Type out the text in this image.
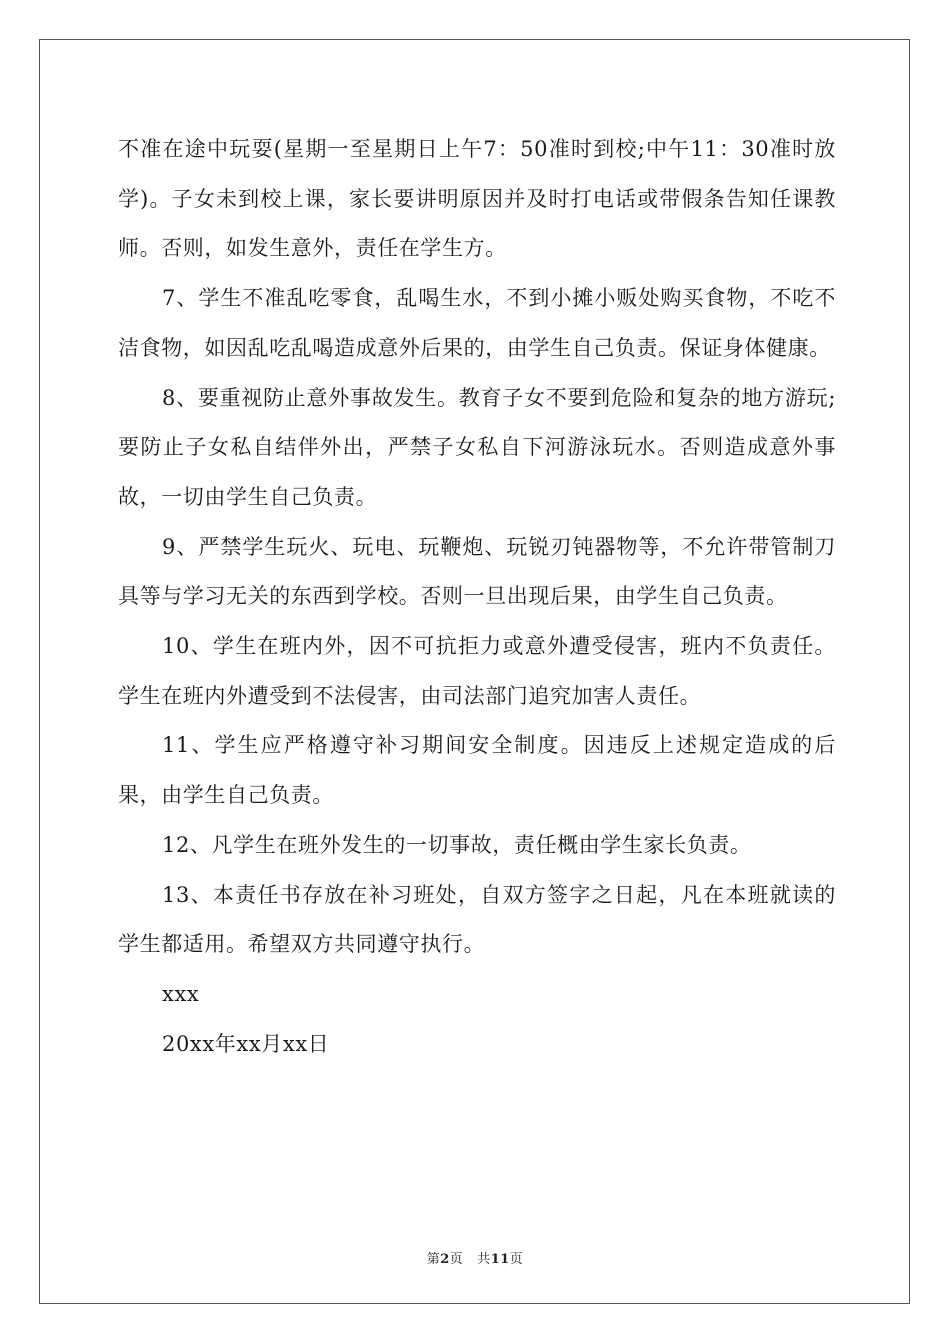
不准在途中玩耍(星期一至星期日上午7：50准时到校;中午11：30准时放学)。子女未到校上课，家长要讲明原因并及时打电话或带假条告知任课教师。否则，如发生意外，责任在学生方。

7、学生不准乱吃零食，乱喝生水，不到小摊小贩处购买食物，不吃不洁食物，如因乱吃乱喝造成意外后果的，由学生自己负责。保证身体健康。

8、要重视防止意外事故发生。教育子女不要到危险和复杂的地方游玩;要防止子女私自结伴外出，严禁子女私自下河游泳玩水。否则造成意外事故，一切由学生自己负责。

9、严禁学生玩火、玩电、玩鞭炮、玩锐刃钝器物等，不允许带管制刀具等与学习无关的东西到学校。否则一旦出现后果，由学生自己负责。

10、学生在班内外，因不可抗拒力或意外遭受侵害，班内不负责任。学生在班内外遭受到不法侵害，由司法部门追究加害人责任。

11、学生应严格遵守补习期间安全制度。因违反上述规定造成的后果，由学生自己负责。

12、凡学生在班外发生的一切事故，责任概由学生家长负责。

13、本责任书存放在补习班处，自双方签字之日起，凡在本班就读的学生都适用。希望双方共同遵守执行。

xxx

20xx年xx月xx日

第2页 共11页
